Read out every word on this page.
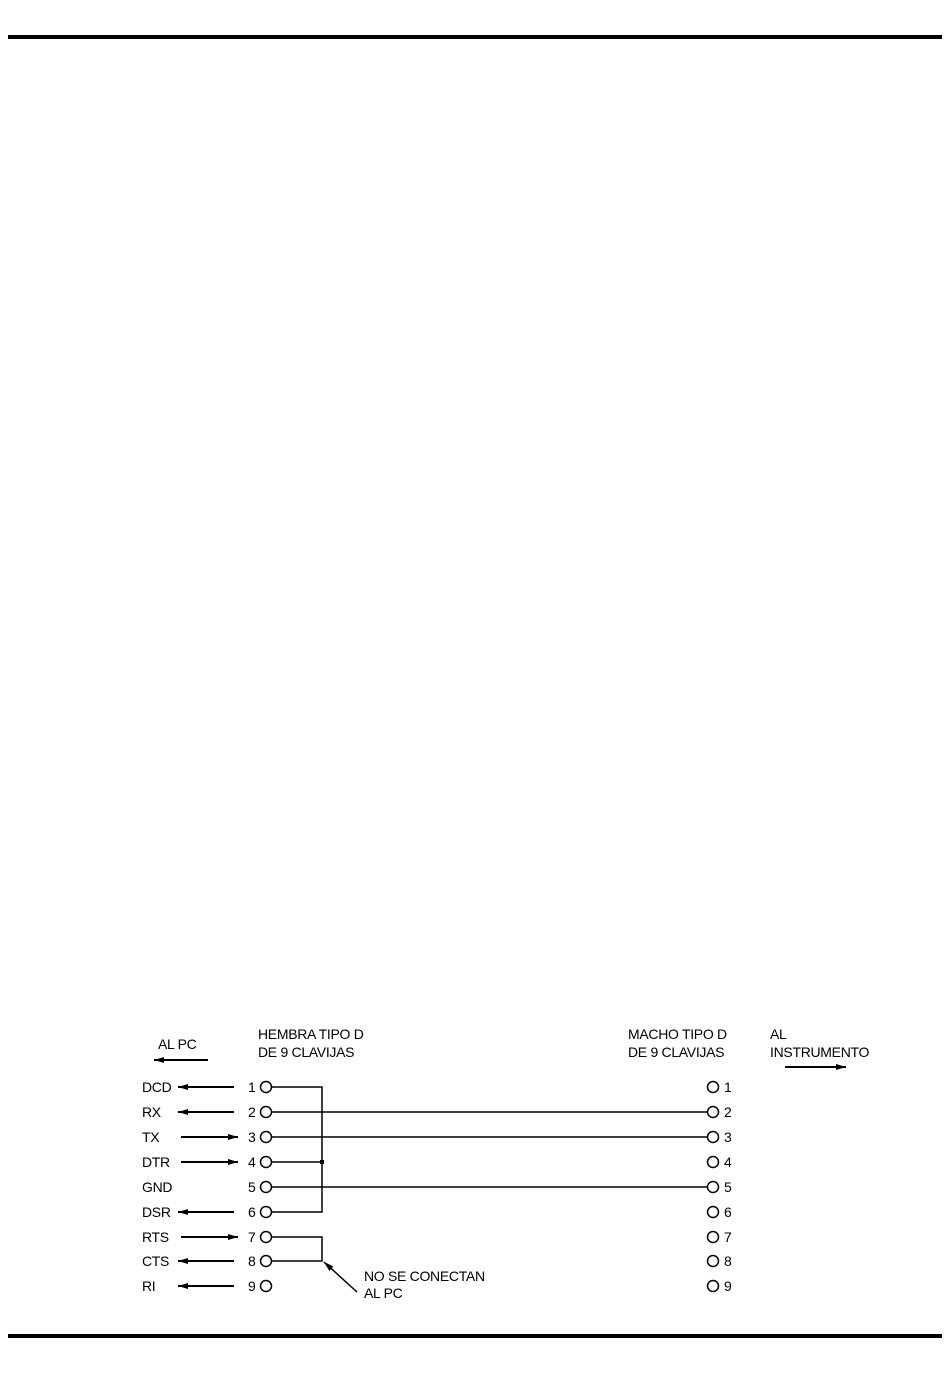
AL PC
HEMBRA TIPO D
DE 9 CLAVIJAS
MACHO TIPO D
DE 9 CLAVIJAS
AL
INSTRUMENTO
DCD	1
RX	2
TX	3
DTR	4
GND	5
DSR	6
RTS	7
CTS	8
RI	9
1
2
3
4
5
6
7
8
9
NO SE CONECTAN
AL PC
